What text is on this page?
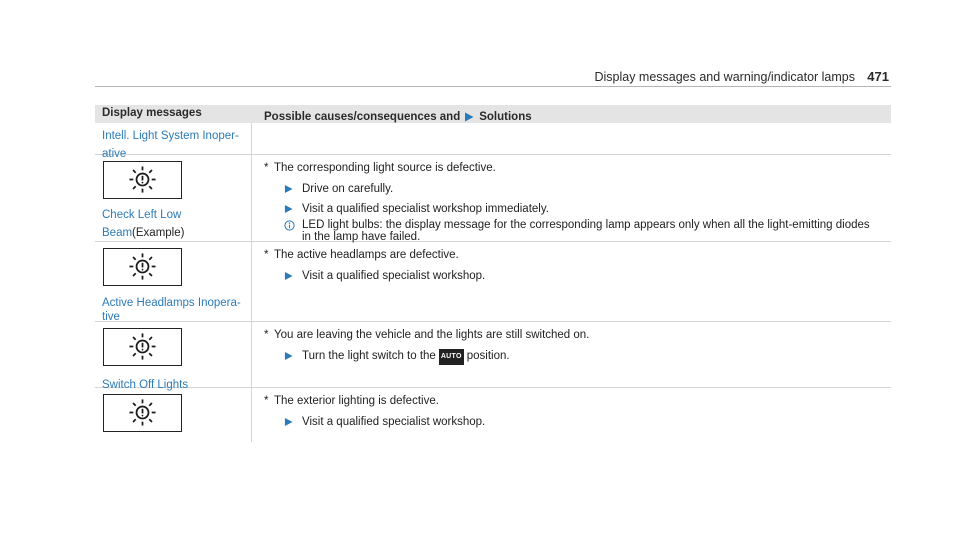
Display messages and warning/indicator lamps 471
Display messages	Possible causes/consequences and Solutions
Intell. Light System Inoper-ative
Check Left Low
Beam(Example)
* The corresponding light source is defective.
Drive on carefully.
Visit a qualified specialist workshop immediately.
LED light bulbs: the display message for the corresponding lamp appears only when all the light-emitting diodes in the lamp have failed.
Active Headlamps Inopera-tive
* The active headlamps are defective.
Visit a qualified specialist workshop.
Switch Off Lights
* You are leaving the vehicle and the lights are still switched on.
Turn the light switch to the AUTO position.
* The exterior lighting is defective.
Visit a qualified specialist workshop.
